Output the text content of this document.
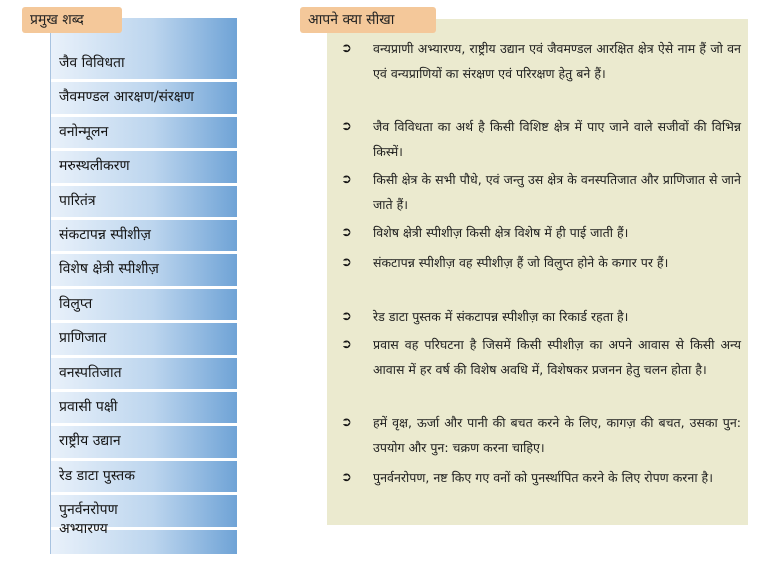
जैव विविधता
जैवमण्डल आरक्षण/संरक्षण
वनोन्मूलन
मरुस्थलीकरण
पारितंत्र
संकटापन्न स्पीशीज़
विशेष क्षेत्री स्पीशीज़
विलुप्त
प्राणिजात
वनस्पतिजात
प्रवासी पक्षी
राष्ट्रीय उद्यान
रेड डाटा पुस्तक
पुनर्वनरोपण
अभ्यारण्य
प्रमुख शब्द
➲	वन्यप्राणी अभ्यारण्य, राष्ट्रीय उद्यान एवं जैवमण्डल आरक्षित क्षेत्र ऐसे नाम हैं जो वन एवं वन्यप्राणियों का संरक्षण एवं परिरक्षण हेतु बने हैं।
➲	जैव विविधता का अर्थ है किसी विशिष्ट क्षेत्र में पाए जाने वाले सजीवों की विभिन्न किस्में।
➲	किसी क्षेत्र के सभी पौधे, एवं जन्तु उस क्षेत्र के वनस्पतिजात और प्राणिजात से जाने जाते हैं।
➲	विशेष क्षेत्री स्पीशीज़ किसी क्षेत्र विशेष में ही पाई जाती हैं।
➲	संकटापन्न स्पीशीज़ वह स्पीशीज़ हैं जो विलुप्त होने के कगार पर हैं।
➲	रेड डाटा पुस्तक में संकटापन्न स्पीशीज़ का रिकार्ड रहता है।
➲	प्रवास वह परिघटना है जिसमें किसी स्पीशीज़ का अपने आवास से किसी अन्य आवास में हर वर्ष की विशेष अवधि में, विशेषकर प्रजनन हेतु चलन होता है।
➲	हमें वृक्ष, ऊर्जा और पानी की बचत करने के लिए, कागज़ की बचत, उसका पुन: उपयोग और पुन: चक्रण करना चाहिए।
➲	पुनर्वनरोपण, नष्ट किए गए वनों को पुनर्स्थापित करने के लिए रोपण करना है।
आपने क्या सीखा
